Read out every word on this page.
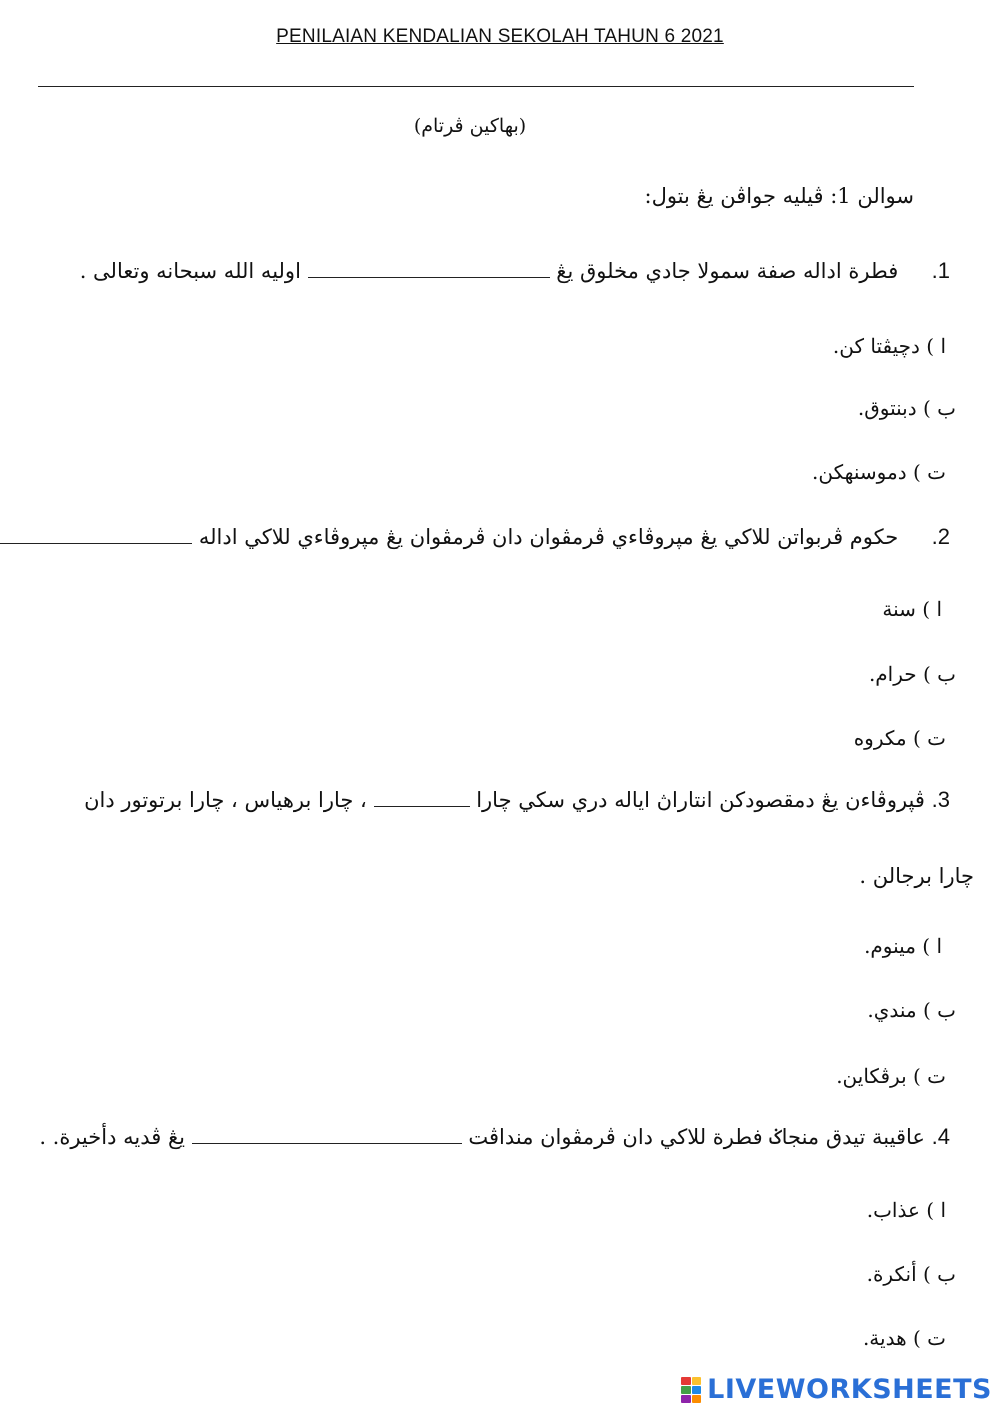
PENILAIAN KENDALIAN SEKOLAH TAHUN 6 2021
(بهاکين ڤرتام)
سوالن 1: ڤيليه جواڤن يڠ بتول:
1.     فطرة اداله صفة سمولا جادي مخلوق يڠ  اوليه الله سبحانه وتعالى .
ا ) دچيڤتا کن.
ب ) دبنتوق.
ت ) دموسنهکن.
2.     حکوم ڤربواتن للاکي يڠ مپروڤاءي ڤرمڤوان دان ڤرمڤوان يڠ مپروڤاءي للاکي اداله
ا ) سنة
ب ) حرام.
ت ) مکروه
3. ڤپروڤاءن يڠ دمقصودکن انتاراڽ اياله دري سکي چارا  ، چارا برهياس ، چارا برتوتور دان
چارا برجالن .
ا ) مينوم.
ب ) مندي.
ت ) برڤکاين.
4. عاقيبة تيدق منجاݢ فطرة للاکي دان ڤرمڤوان منداڤت  يڠ ڤديه دأخيرة. .
ا ) عذاب.
ب ) أنکرة.
ت ) هدية.
LIVE WORKSHEETS
